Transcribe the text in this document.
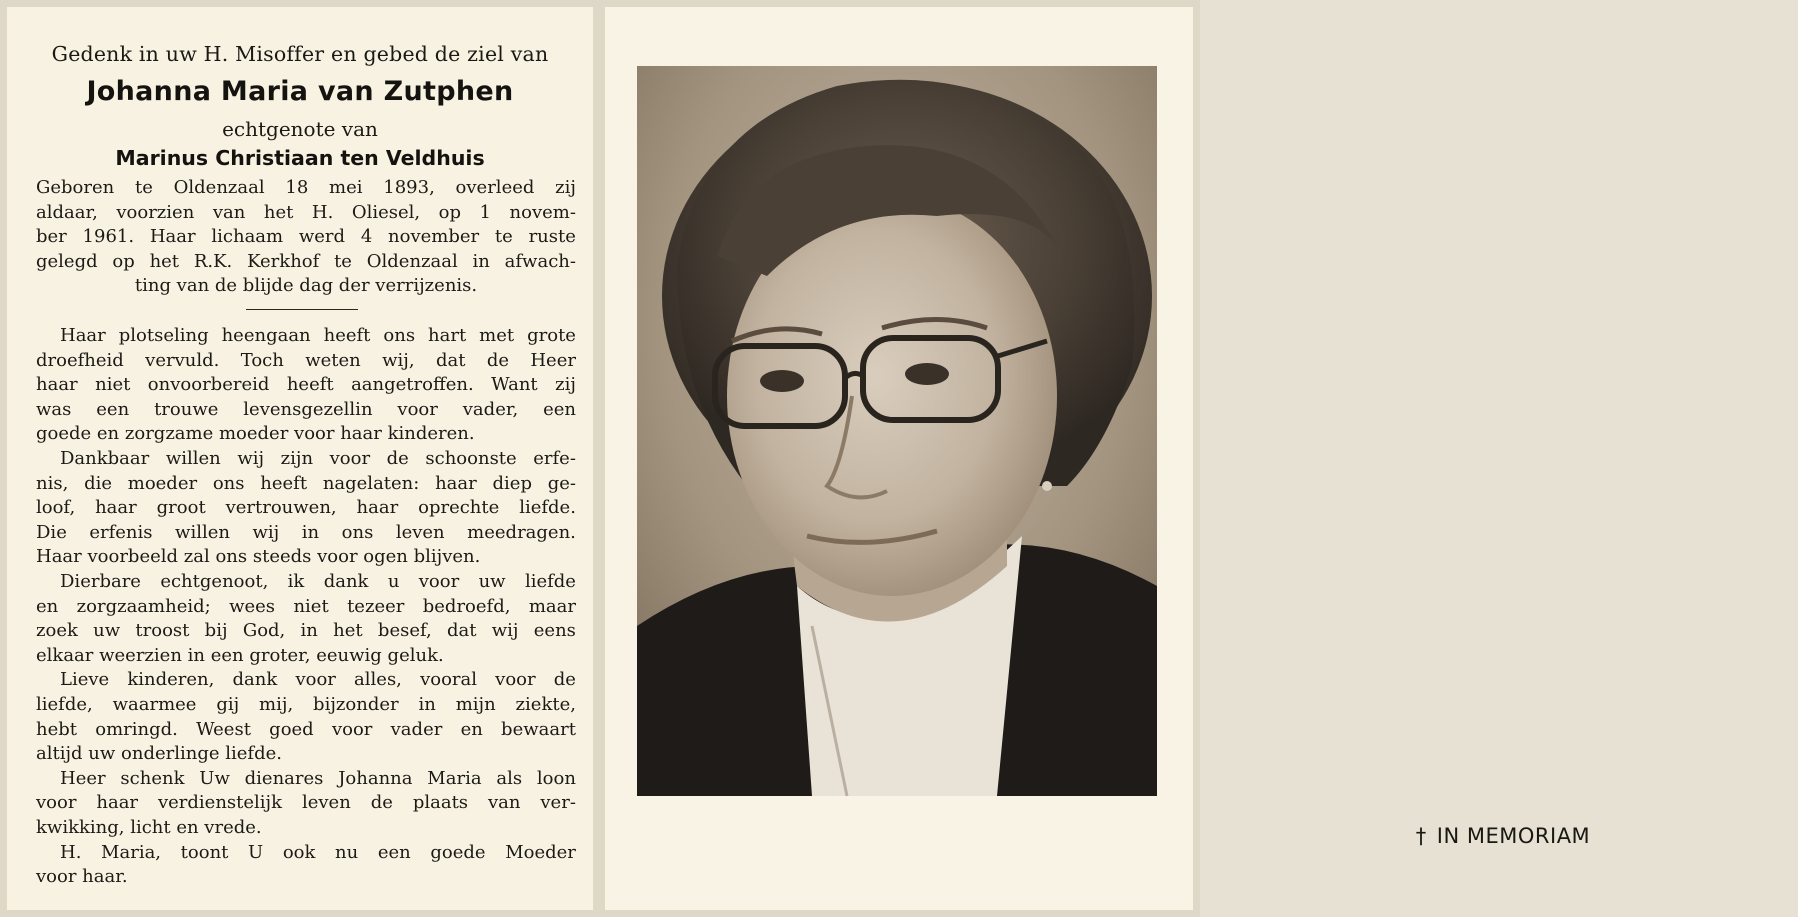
Gedenk in uw H. Misoffer en gebed de ziel van
Johanna Maria van Zutphen
echtgenote van
Marinus Christiaan ten Veldhuis
Geboren te Oldenzaal 18 mei 1893, overleed zij
aldaar, voorzien van het H. Oliesel, op 1 novem-
ber 1961. Haar lichaam werd 4 november te ruste
gelegd op het R.K. Kerkhof te Oldenzaal in afwach-
ting van de blijde dag der verrijzenis.
Haar plotseling heengaan heeft ons hart met grote
droefheid vervuld. Toch weten wij, dat de Heer
haar niet onvoorbereid heeft aangetroffen. Want zij
was een trouwe levensgezellin voor vader, een
goede en zorgzame moeder voor haar kinderen.
Dankbaar willen wij zijn voor de schoonste erfe-
nis, die moeder ons heeft nagelaten: haar diep ge-
loof, haar groot vertrouwen, haar oprechte liefde.
Die erfenis willen wij in ons leven meedragen.
Haar voorbeeld zal ons steeds voor ogen blijven.
Dierbare echtgenoot, ik dank u voor uw liefde
en zorgzaamheid; wees niet tezeer bedroefd, maar
zoek uw troost bij God, in het besef, dat wij eens
elkaar weerzien in een groter, eeuwig geluk.
Lieve kinderen, dank voor alles, vooral voor de
liefde, waarmee gij mij, bijzonder in mijn ziekte,
hebt omringd. Weest goed voor vader en bewaart
altijd uw onderlinge liefde.
Heer schenk Uw dienares Johanna Maria als loon
voor haar verdienstelijk leven de plaats van ver-
kwikking, licht en vrede.
H. Maria, toont U ook nu een goede Moeder
voor haar.
† IN MEMORIAM
